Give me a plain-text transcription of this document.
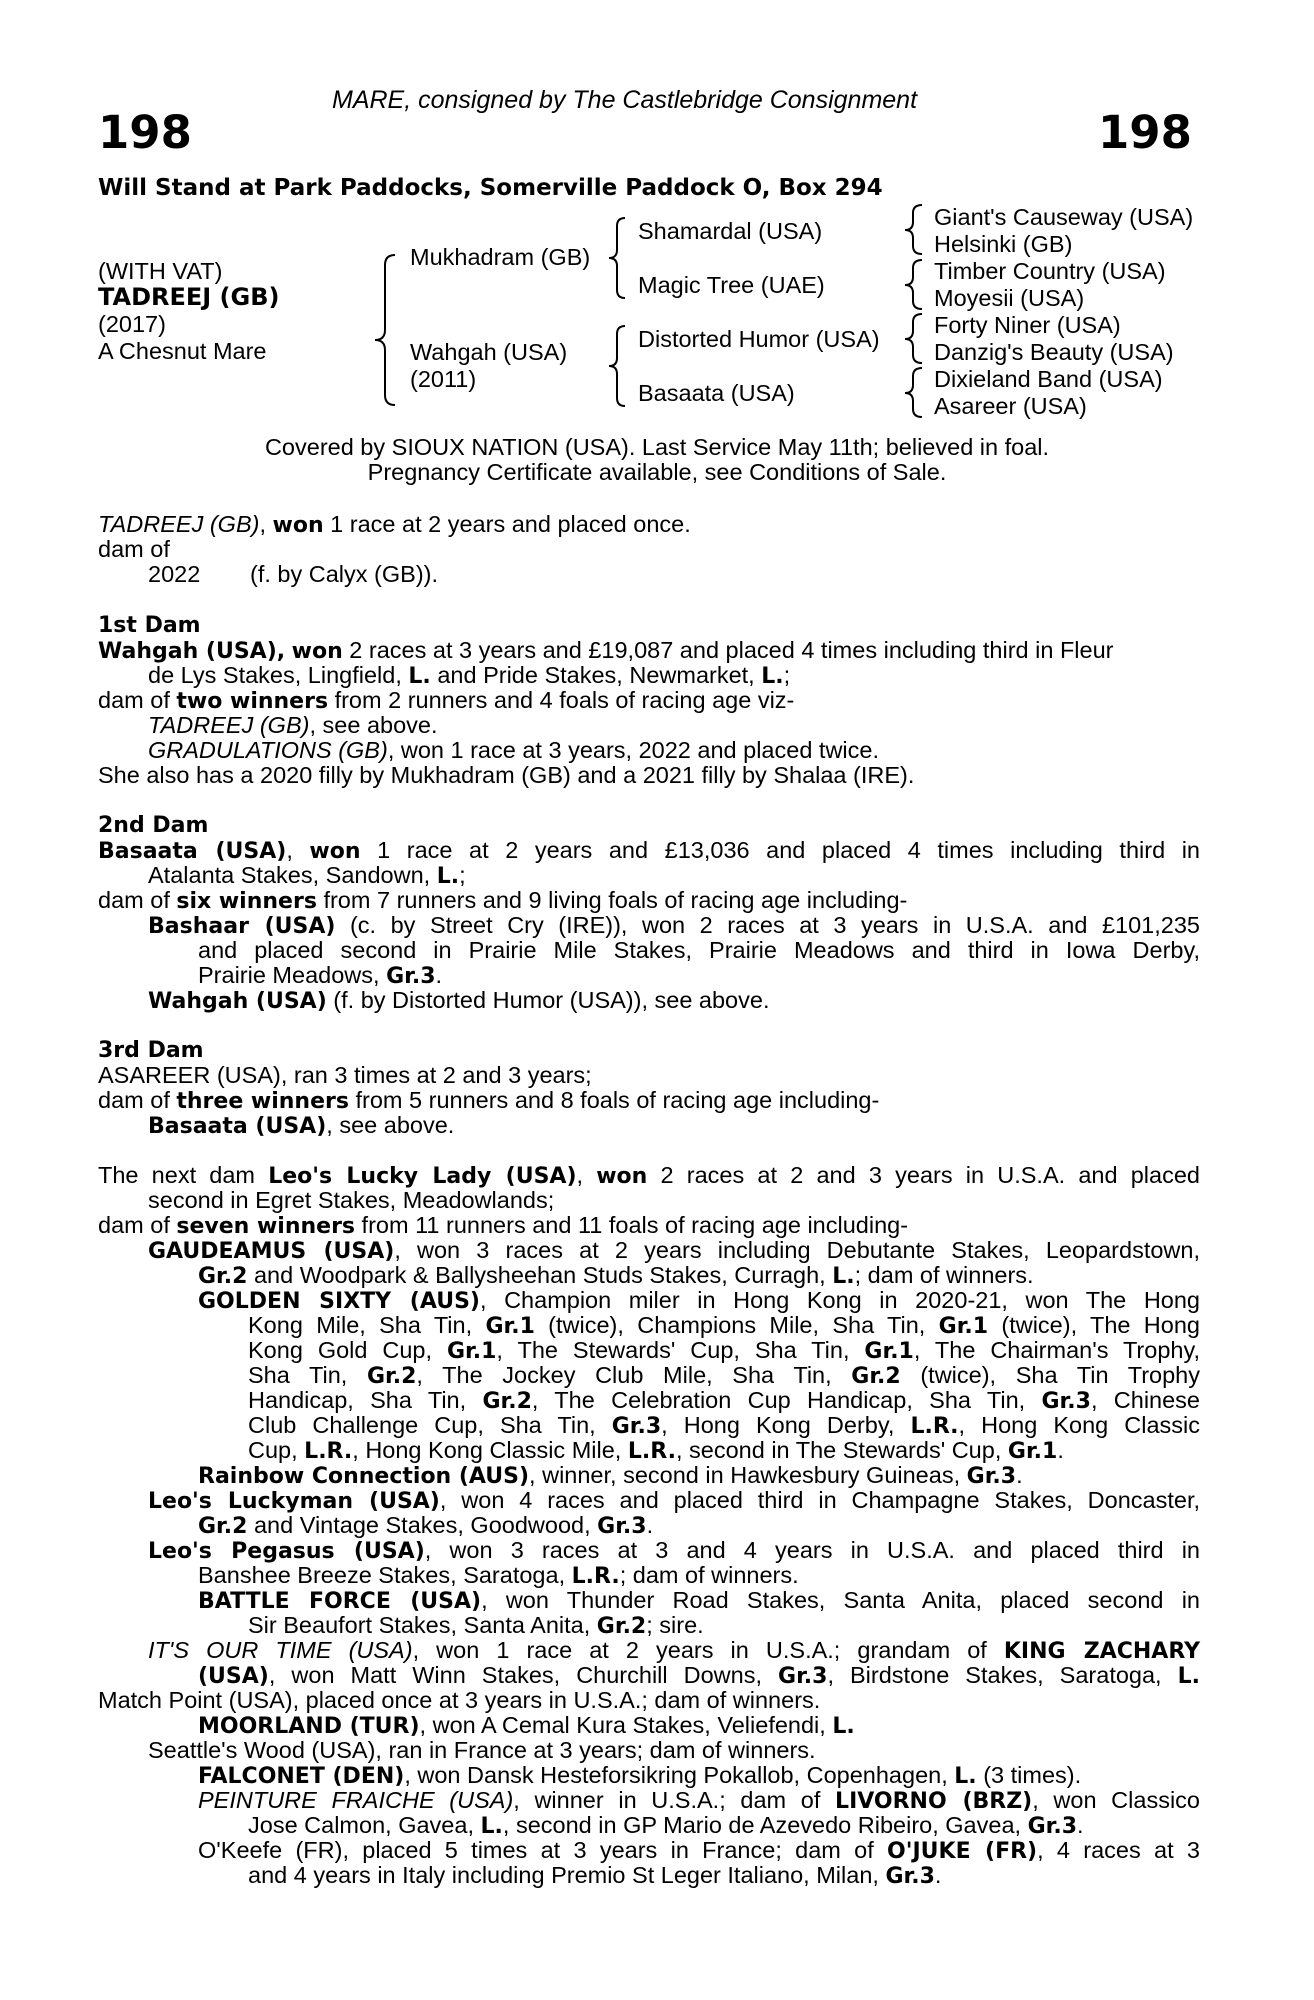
MARE, consigned by The Castlebridge Consignment
198	198
Will Stand at Park Paddocks, Somerville Paddock O, Box 294
(WITH VAT)
TADREEJ (GB)
(2017)
A Chesnut Mare
Mukhadram (GB)
Wahgah (USA)
(2011)
Shamardal (USA)
Magic Tree (UAE)
Distorted Humor (USA)
Basaata (USA)
Giant's Causeway (USA)
Helsinki (GB)
Timber Country (USA)
Moyesii (USA)
Forty Niner (USA)
Danzig's Beauty (USA)
Dixieland Band (USA)
Asareer (USA)
Covered by SIOUX NATION (USA). Last Service May 11th; believed in foal.
Pregnancy Certificate available, see Conditions of Sale.
TADREEJ (GB), won 1 race at 2 years and placed once.
dam of
2022 (f. by Calyx (GB)).
1st Dam
Wahgah (USA), won 2 races at 3 years and £19,087 and placed 4 times including third in Fleur
de Lys Stakes, Lingfield, L. and Pride Stakes, Newmarket, L.;
dam of two winners from 2 runners and 4 foals of racing age viz-
TADREEJ (GB), see above.
GRADULATIONS (GB), won 1 race at 3 years, 2022 and placed twice.
She also has a 2020 filly by Mukhadram (GB) and a 2021 filly by Shalaa (IRE).
2nd Dam
Basaata (USA), won 1 race at 2 years and £13,036 and placed 4 times including third in
Atalanta Stakes, Sandown, L.;
dam of six winners from 7 runners and 9 living foals of racing age including-
Bashaar (USA) (c. by Street Cry (IRE)), won 2 races at 3 years in U.S.A. and £101,235
and placed second in Prairie Mile Stakes, Prairie Meadows and third in Iowa Derby,
Prairie Meadows, Gr.3.
Wahgah (USA) (f. by Distorted Humor (USA)), see above.
3rd Dam
ASAREER (USA), ran 3 times at 2 and 3 years;
dam of three winners from 5 runners and 8 foals of racing age including-
Basaata (USA), see above.
The next dam Leo's Lucky Lady (USA), won 2 races at 2 and 3 years in U.S.A. and placed
second in Egret Stakes, Meadowlands;
dam of seven winners from 11 runners and 11 foals of racing age including-
GAUDEAMUS (USA), won 3 races at 2 years including Debutante Stakes, Leopardstown,
Gr.2 and Woodpark & Ballysheehan Studs Stakes, Curragh, L.; dam of winners.
GOLDEN SIXTY (AUS), Champion miler in Hong Kong in 2020-21, won The Hong
Kong Mile, Sha Tin, Gr.1 (twice), Champions Mile, Sha Tin, Gr.1 (twice), The Hong
Kong Gold Cup, Gr.1, The Stewards' Cup, Sha Tin, Gr.1, The Chairman's Trophy,
Sha Tin, Gr.2, The Jockey Club Mile, Sha Tin, Gr.2 (twice), Sha Tin Trophy
Handicap, Sha Tin, Gr.2, The Celebration Cup Handicap, Sha Tin, Gr.3, Chinese
Club Challenge Cup, Sha Tin, Gr.3, Hong Kong Derby, L.R., Hong Kong Classic
Cup, L.R., Hong Kong Classic Mile, L.R., second in The Stewards' Cup, Gr.1.
Rainbow Connection (AUS), winner, second in Hawkesbury Guineas, Gr.3.
Leo's Luckyman (USA), won 4 races and placed third in Champagne Stakes, Doncaster,
Gr.2 and Vintage Stakes, Goodwood, Gr.3.
Leo's Pegasus (USA), won 3 races at 3 and 4 years in U.S.A. and placed third in
Banshee Breeze Stakes, Saratoga, L.R.; dam of winners.
BATTLE FORCE (USA), won Thunder Road Stakes, Santa Anita, placed second in
Sir Beaufort Stakes, Santa Anita, Gr.2; sire.
IT'S OUR TIME (USA), won 1 race at 2 years in U.S.A.; grandam of KING ZACHARY
(USA), won Matt Winn Stakes, Churchill Downs, Gr.3, Birdstone Stakes, Saratoga, L.
Match Point (USA), placed once at 3 years in U.S.A.; dam of winners.
MOORLAND (TUR), won A Cemal Kura Stakes, Veliefendi, L.
Seattle's Wood (USA), ran in France at 3 years; dam of winners.
FALCONET (DEN), won Dansk Hesteforsikring Pokallob, Copenhagen, L. (3 times).
PEINTURE FRAICHE (USA), winner in U.S.A.; dam of LIVORNO (BRZ), won Classico
Jose Calmon, Gavea, L., second in GP Mario de Azevedo Ribeiro, Gavea, Gr.3.
O'Keefe (FR), placed 5 times at 3 years in France; dam of O'JUKE (FR), 4 races at 3
and 4 years in Italy including Premio St Leger Italiano, Milan, Gr.3.
